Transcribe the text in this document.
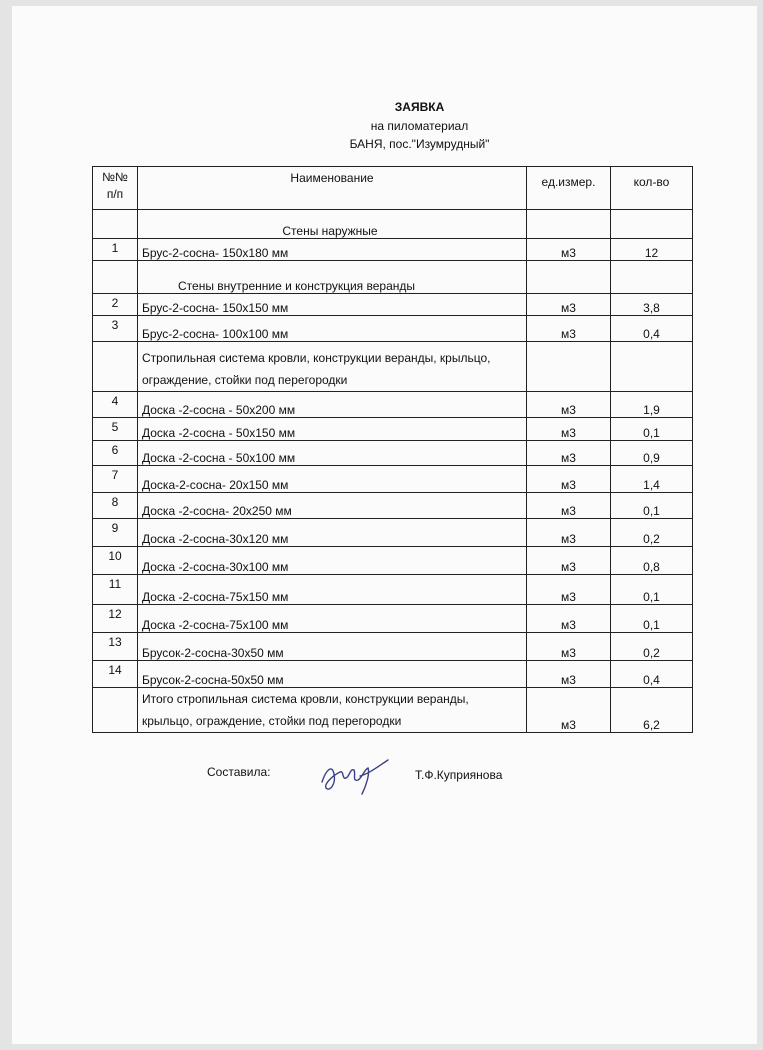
ЗАЯВКА
на пиломатериал
БАНЯ, пос."Изумрудный"
№№
п/п	Наименование	ед.измер.	кол-во
	Стены наружные		
1	Брус-2-сосна- 150х180 мм	м3	12
	Стены внутренние и конструкция веранды		
2	Брус-2-сосна- 150х150 мм	м3	3,8
3	Брус-2-сосна- 100х100 мм	м3	0,4
	Стропильная система кровли, конструкции веранды, крыльцо, ограждение, стойки под перегородки		
4	Доска -2-сосна - 50х200 мм	м3	1,9
5	Доска -2-сосна - 50х150 мм	м3	0,1
6	Доска -2-сосна - 50х100 мм	м3	0,9
7	Доска-2-сосна- 20х150 мм	м3	1,4
8	Доска -2-сосна- 20х250 мм	м3	0,1
9	Доска -2-сосна-30х120 мм	м3	0,2
10	Доска -2-сосна-30х100 мм	м3	0,8
11	Доска -2-сосна-75х150 мм	м3	0,1
12	Доска -2-сосна-75х100 мм	м3	0,1
13	Брусок-2-сосна-30х50 мм	м3	0,2
14	Брусок-2-сосна-50х50 мм	м3	0,4
	Итого стропильная система кровли, конструкции веранды, крыльцо, ограждение, стойки под перегородки	м3	6,2
Составила:	Т.Ф.Куприянова
